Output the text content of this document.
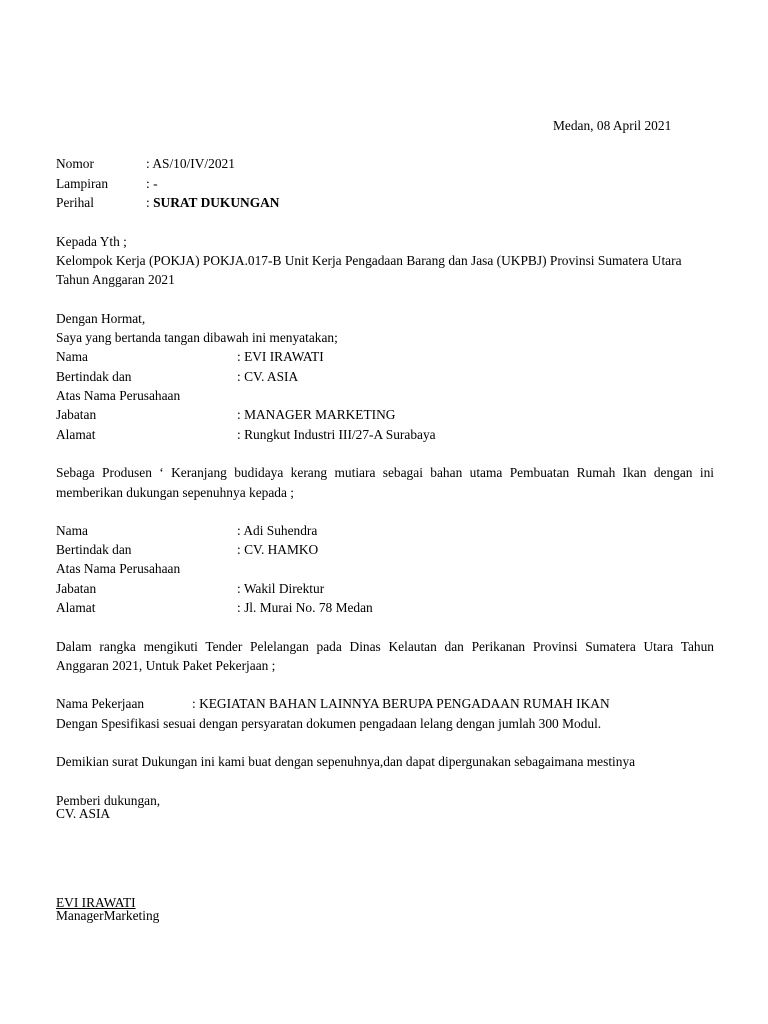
Medan, 08 April 2021
Nomor	: AS/10/IV/2021
Lampiran	: -
Perihal	: SURAT DUKUNGAN
Kepada Yth ;
Kelompok Kerja (POKJA) POKJA.017-B Unit Kerja Pengadaan Barang dan Jasa (UKPBJ) Provinsi Sumatera Utara
Tahun Anggaran 2021
Dengan Hormat,
Saya yang bertanda tangan dibawah ini menyatakan;
Nama	: EVI IRAWATI
Bertindak dan	: CV. ASIA
Atas Nama Perusahaan
Jabatan	: MANAGER MARKETING
Alamat	: Rungkut Industri III/27-A Surabaya
Sebaga Produsen ‘ Keranjang budidaya kerang mutiara sebagai bahan utama Pembuatan Rumah Ikan dengan ini
memberikan dukungan sepenuhnya kepada ;
Nama	: Adi Suhendra
Bertindak dan	: CV. HAMKO
Atas Nama Perusahaan
Jabatan	: Wakil Direktur
Alamat	: Jl. Murai No. 78 Medan
Dalam rangka mengikuti Tender Pelelangan pada Dinas Kelautan dan Perikanan Provinsi Sumatera Utara Tahun
Anggaran 2021, Untuk Paket Pekerjaan ;
Nama Pekerjaan	: KEGIATAN BAHAN LAINNYA BERUPA PENGADAAN RUMAH IKAN
Dengan Spesifikasi sesuai dengan persyaratan dokumen pengadaan lelang dengan jumlah 300 Modul.
Demikian surat Dukungan ini kami buat dengan sepenuhnya,dan dapat dipergunakan sebagaimana mestinya
Pemberi dukungan,
CV. ASIA
EVI IRAWATI
ManagerMarketing
